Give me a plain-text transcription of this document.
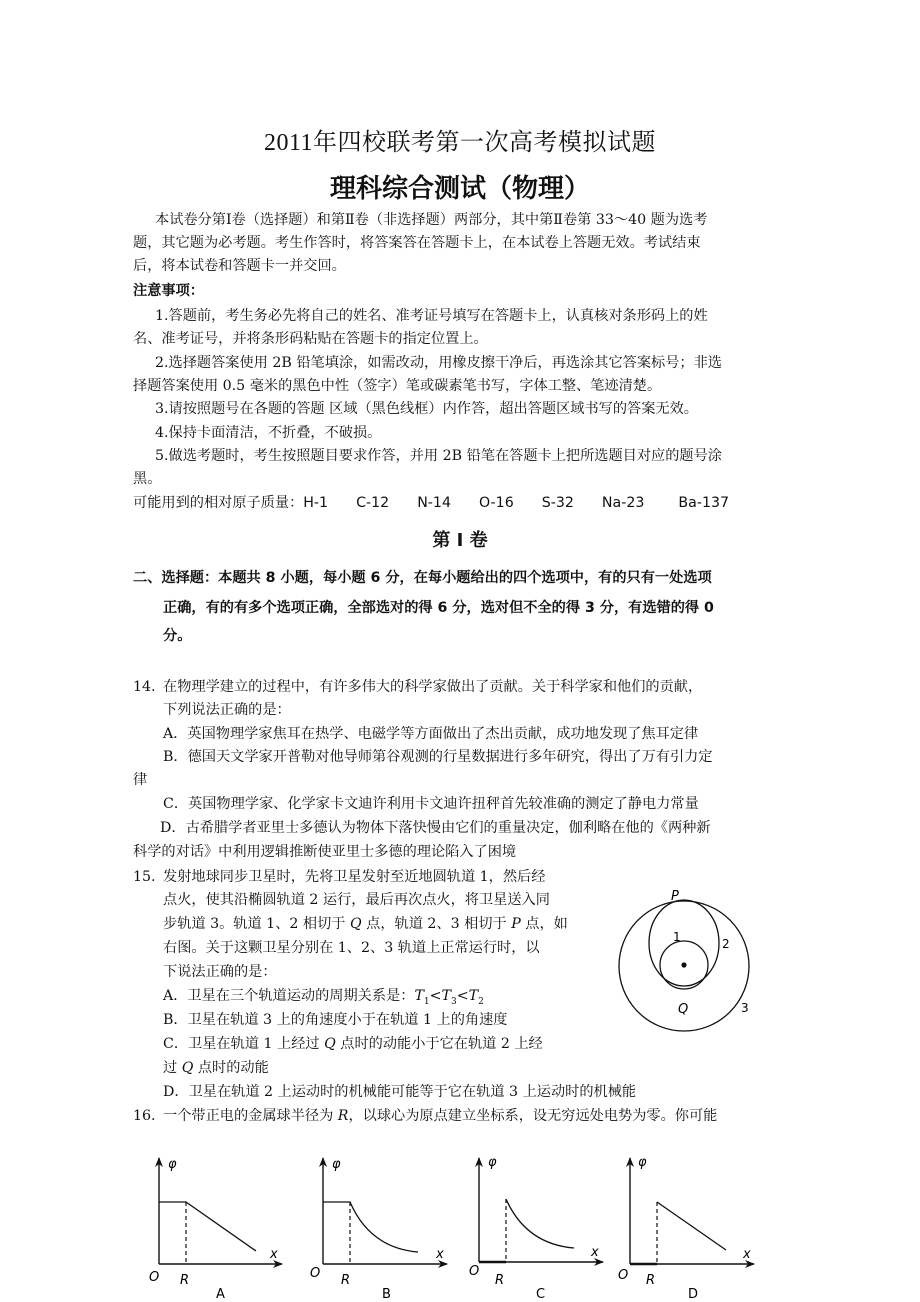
2011年四校联考第一次高考模拟试题
理科综合测试（物理）
本试卷分第Ⅰ卷（选择题）和第Ⅱ卷（非选择题）两部分，其中第Ⅱ卷第 33～40 题为选考
题，其它题为必考题。考生作答时，将答案答在答题卡上，在本试卷上答题无效。考试结束
后，将本试卷和答题卡一并交回。
注意事项：
1.答题前，考生务必先将自己的姓名、准考证号填写在答题卡上，认真核对条形码上的姓
名、准考证号，并将条形码粘贴在答题卡的指定位置上。
2.选择题答案使用 2B 铅笔填涂，如需改动，用橡皮擦干净后，再选涂其它答案标号；非选
择题答案使用 0.5 毫米的黑色中性（签字）笔或碳素笔书写，字体工整、笔迹清楚。
3.请按照题号在各题的答题 区域（黑色线框）内作答，超出答题区域书写的答案无效。
4.保持卡面清洁，不折叠，不破损。
5.做选考题时，考生按照题目要求作答，并用 2B 铅笔在答题卡上把所选题目对应的题号涂
黑。
可能用到的相对原子质量：H-1 C-12 N-14 O-16 S-32 Na-23 Ba-137
第 I 卷
二、选择题：本题共 8 小题，每小题 6 分，在每小题给出的四个选项中，有的只有一处选项
正确，有的有多个选项正确，全部选对的得 6 分，选对但不全的得 3 分，有选错的得 0
分。
14. 在物理学建立的过程中，有许多伟大的科学家做出了贡献。关于科学家和他们的贡献，
下列说法正确的是：
A．英国物理学家焦耳在热学、电磁学等方面做出了杰出贡献，成功地发现了焦耳定律
B．德国天文学家开普勒对他导师第谷观测的行星数据进行多年研究，得出了万有引力定
律
C．英国物理学家、化学家卡文迪许利用卡文迪许扭秤首先较准确的测定了静电力常量
D．古希腊学者亚里士多德认为物体下落快慢由它们的重量决定，伽利略在他的《两种新
科学的对话》中利用逻辑推断使亚里士多德的理论陷入了困境
15. 发射地球同步卫星时，先将卫星发射至近地圆轨道 1，然后经
点火，使其沿椭圆轨道 2 运行，最后再次点火，将卫星送入同
步轨道 3。轨道 1、2 相切于 Q 点，轨道 2、3 相切于 P 点，如
右图。关于这颗卫星分别在 1、2、3 轨道上正常运行时，以
下说法正确的是：
A．卫星在三个轨道运动的周期关系是：$T_1<T_3<T_2$
B．卫星在轨道 3 上的角速度小于在轨道 1 上的角速度
C．卫星在轨道 1 上经过 Q 点时的动能小于它在轨道 2 上经
过 Q 点时的动能
D．卫星在轨道 2 上运动时的机械能可能等于它在轨道 3 上运动时的机械能
P
1	2
Q	3
16. 一个带正电的金属球半径为 R，以球心为原点建立坐标系，设无穷远处电势为零。你可能
φ
x
O R
A
φ
x
O R
B
φ
x
O
R
C
φ
x
O R
D
